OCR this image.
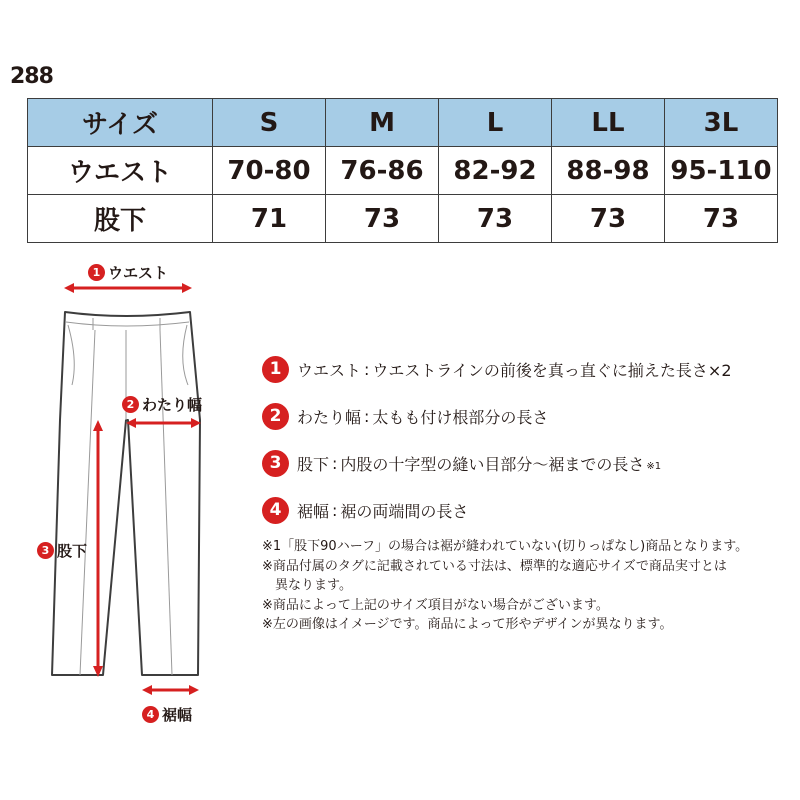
288
サイズ	S	M	L	LL	3L
ウエスト	70-80	76-86	82-92	88-98	95-110
股下	71	73	73	73	73
1 ウエスト
2 わたり幅
3 股下
4 裾幅
1 ウエスト : ウエストラインの前後を真っ直ぐに揃えた長さ×2
2 わたり幅 : 太もも付け根部分の長さ
3 股下 : 内股の十字型の縫い目部分～裾までの長さ ※1
4 裾幅 : 裾の両端間の長さ
※1「股下90ハーフ」の場合は裾が縫われていない(切りっぱなし)商品となります。
※商品付属のタグに記載されている寸法は、標準的な適応サイズで商品実寸とは
異なります。
※商品によって上記のサイズ項目がない場合がございます。
※左の画像はイメージです。商品によって形やデザインが異なります。
